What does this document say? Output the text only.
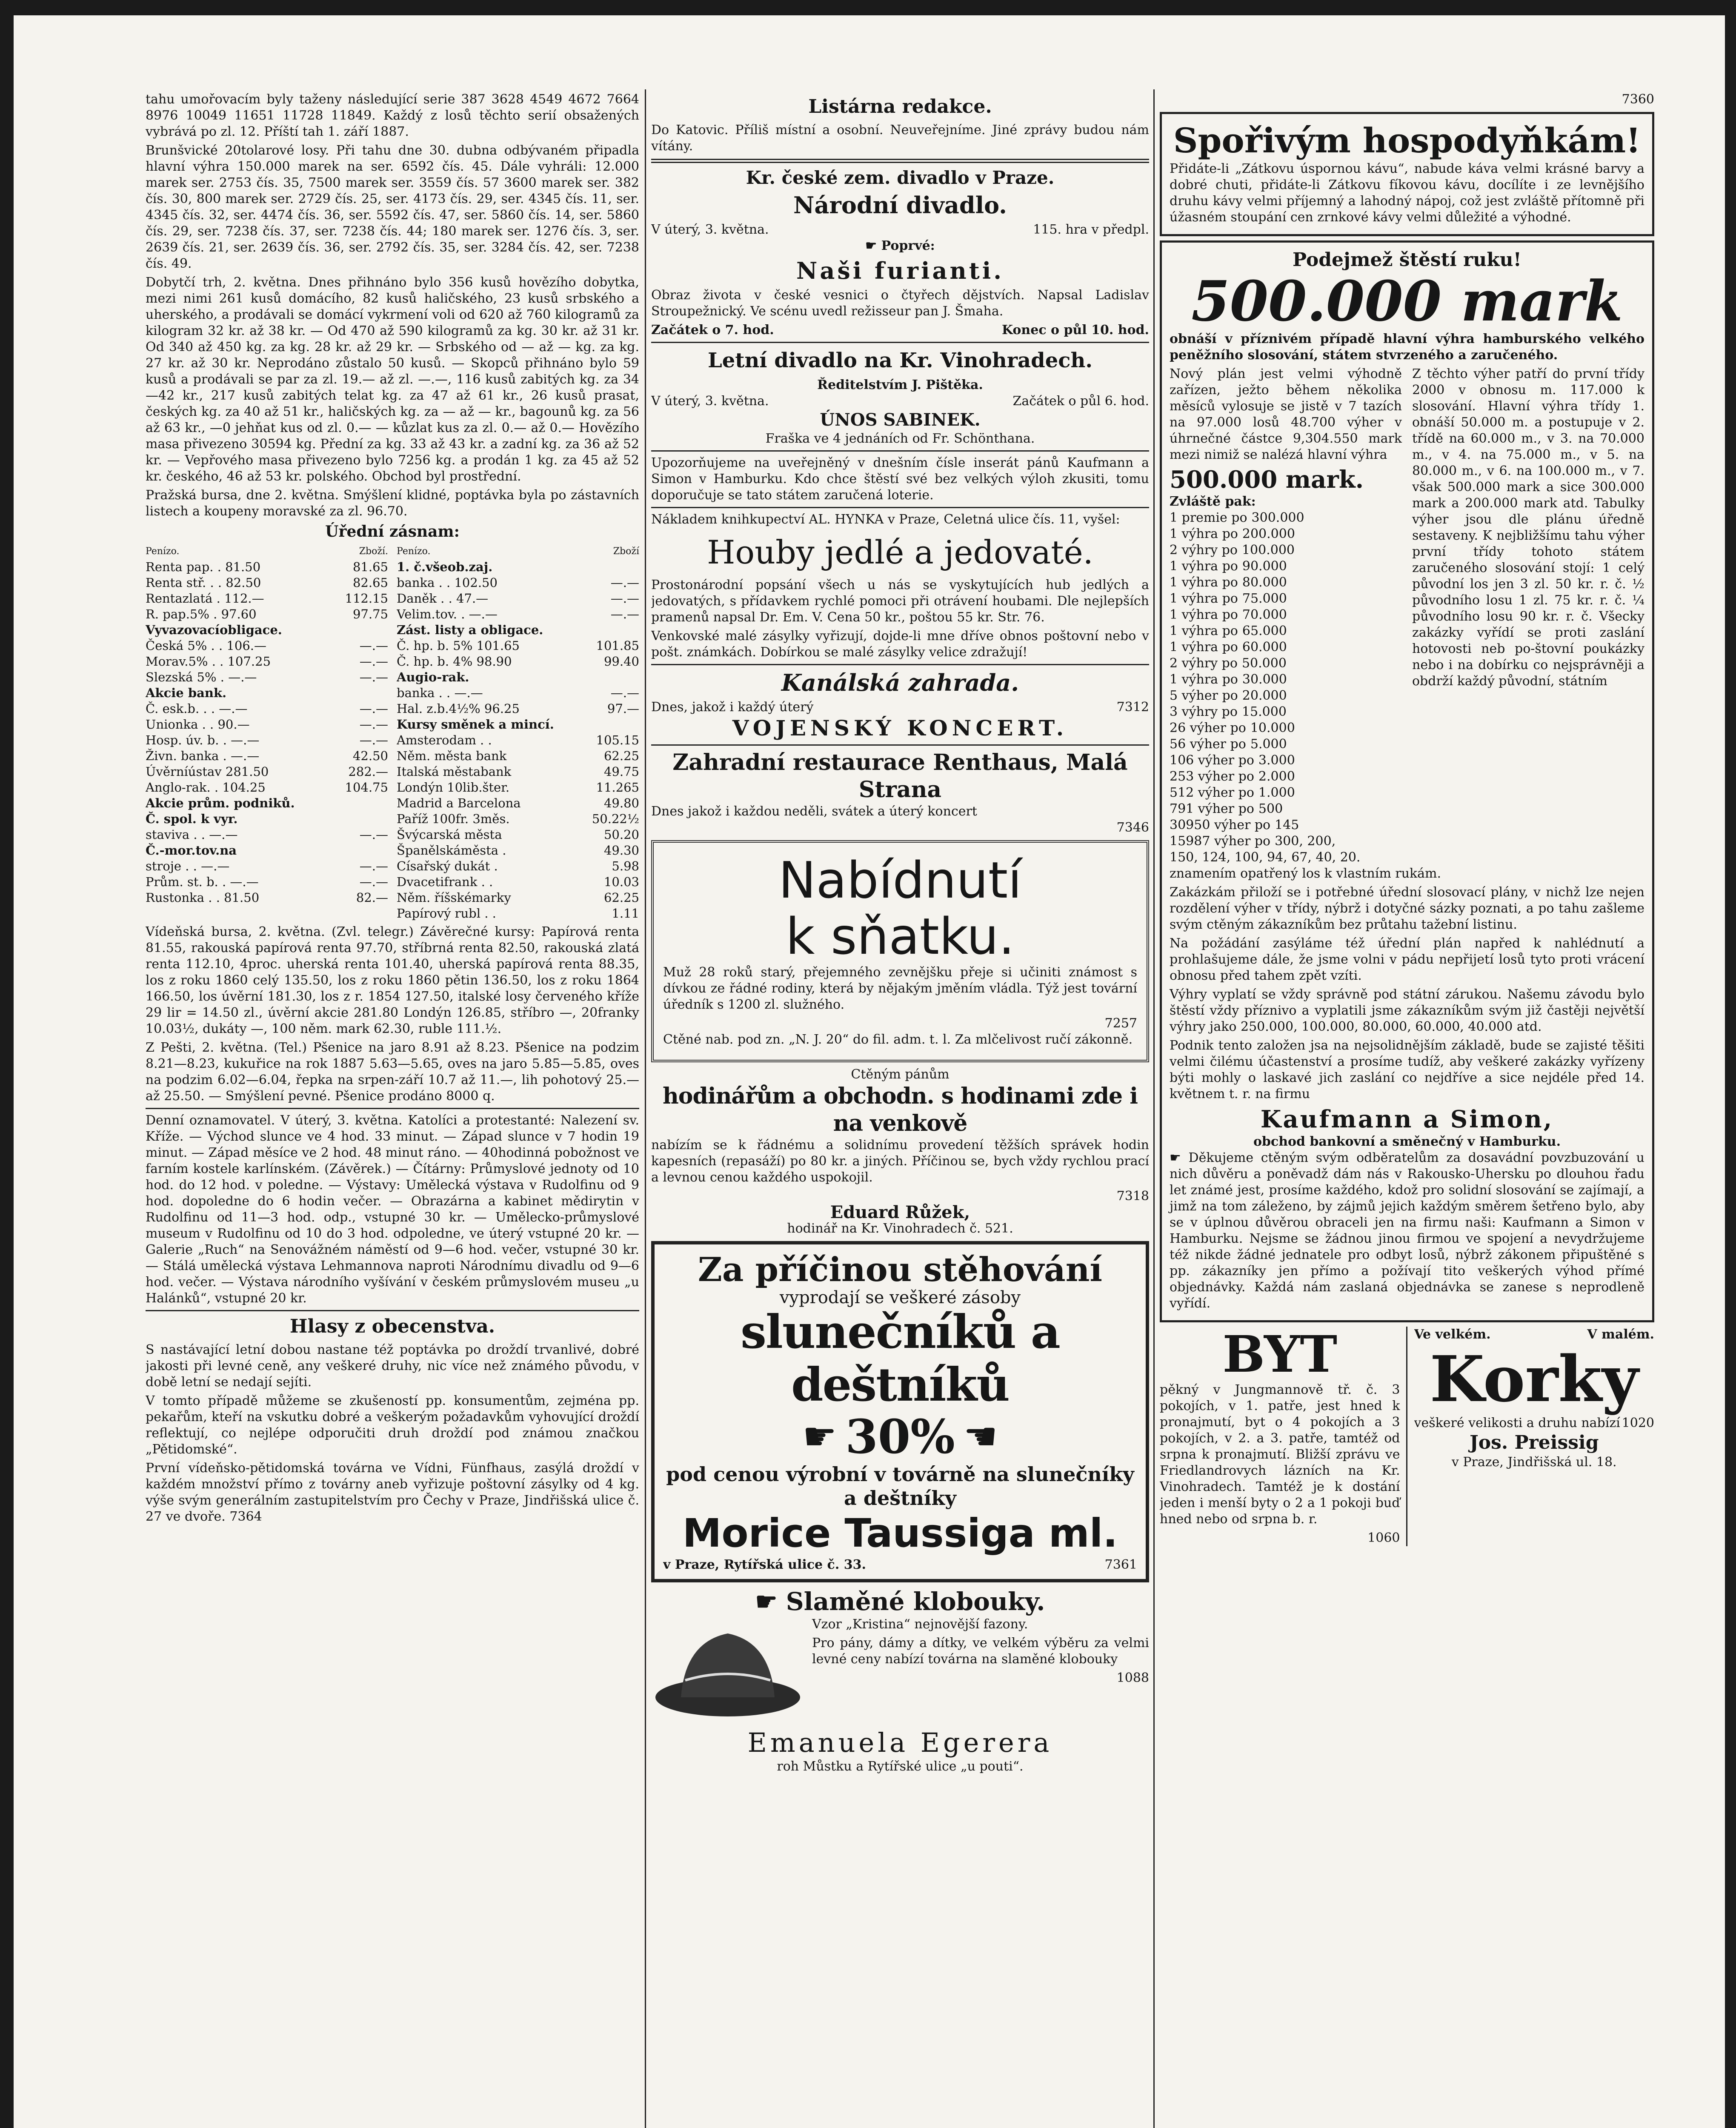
tahu umořovacím byly taženy následující serie 387 3628 4549 4672 7664 8976 10049 11651 11728 11849. Každý z losů těchto serií obsažených vybrává po zl. 12. Příští tah 1. září 1887.

Brunšvické 20tolarové losy. Při tahu dne 30. dubna odbývaném připadla hlavní výhra 150.000 marek na ser. 6592 čís. 45. Dále vyhráli: 12.000 marek ser. 2753 čís. 35, 7500 marek ser. 3559 čís. 57 3600 marek ser. 382 čís. 30, 800 marek ser. 2729 čís. 25, ser. 4173 čís. 29, ser. 4345 čís. 11, ser. 4345 čís. 32, ser. 4474 čís. 36, ser. 5592 čís. 47, ser. 5860 čís. 14, ser. 5860 čís. 29, ser. 7238 čís. 37, ser. 7238 čís. 44; 180 marek ser. 1276 čís. 3, ser. 2639 čís. 21, ser. 2639 čís. 36, ser. 2792 čís. 35, ser. 3284 čís. 42, ser. 7238 čís. 49.

Dobytčí trh, 2. května. Dnes přihnáno bylo 356 kusů hovězího dobytka, mezi nimi 261 kusů domácího, 82 kusů haličského, 23 kusů srbského a uherského, a prodávali se domácí vykrmení voli od 620 až 760 kilogramů za kilogram 32 kr. až 38 kr. — Od 470 až 590 kilogramů za kg. 30 kr. až 31 kr. Od 340 až 450 kg. za kg. 28 kr. až 29 kr. — Srbského od — až — kg. za kg. 27 kr. až 30 kr. Neprodáno zůstalo 50 kusů. — Skopců přihnáno bylo 59 kusů a prodávali se par za zl. 19.— až zl. —.—, 116 kusů zabitých kg. za 34—42 kr., 217 kusů zabitých telat kg. za 47 až 61 kr., 26 kusů prasat, českých kg. za 40 až 51 kr., haličských kg. za — až — kr., bagounů kg. za 56 až 63 kr., —0 jehňat kus od zl. 0.— — kůzlat kus za zl. 0.— až 0.— Hovězího masa přivezeno 30594 kg. Přední za kg. 33 až 43 kr. a zadní kg. za 36 až 52 kr. — Vepřového masa přivezeno bylo 7256 kg. a prodán 1 kg. za 45 až 52 kr. českého, 46 až 53 kr. polského. Obchod byl prostřední.

Pražská bursa, dne 2. května. Smýšlení klidné, poptávka byla po zástavních listech a koupeny moravské za zl. 96.70.

Úřední zásnam:
Penízo.	Zboží. Penízo.	Zboží
Renta pap. . 81.50	81.65
Renta stř. . . 82.50	82.65
Rentazlatá . 112.—	112.15
R. pap.5% . 97.60	97.75
Vyvazovacíobligace.
Česká 5% . . 106.—	—.—
Morav.5% . . 107.25	—.—
Slezská 5% . —.—	—.—
Akcie bank.
Č. esk.b. . . —.—	—.—
Unionka . . 90.—	—.—
Hosp. úv. b. . —.—	—.—
Živn. banka . —.—	42.50
Úvěrníústav 281.50	282.—
Anglo-rak. . 104.25	104.75
Akcie prům. podniků.
Č. spol. k vyr.
staviva . . —.—	—.—
Č.-mor.tov.na
stroje . . —.—	—.—
Prům. st. b. . —.—	—.—
Rustonka . . 81.50	82.—
1. č.všeob.zaj.
banka . . 102.50	—.—
Daněk . . 47.—	—.—
Velim.tov. . —.—	—.—
Zást. listy a obligace.
Č. hp. b. 5% 101.65	101.85
Č. hp. b. 4% 98.90	99.40
Augio-rak.
banka . . —.—	—.—
Hal. z.b.4½% 96.25	97.—
Kursy směnek a mincí.
Amsterodam . .	105.15
Něm. města bank	62.25
Italská městabank	49.75
Londýn 10lib.šter.	11.265
Madrid a Barcelona	49.80
Paříž 100fr. 3měs.	50.22½
Švýcarská města	50.20
Španělskáměsta .	49.30
Císařský dukát .	5.98
Dvacetifrank . .	10.03
Něm. říšskémarky	62.25
Papírový rubl . .	1.11

Vídeňská bursa, 2. května. (Zvl. telegr.) Závěrečné kursy: Papírová renta 81.55, rakouská papírová renta 97.70, stříbrná renta 82.50, rakouská zlatá renta 112.10, 4proc. uherská renta 101.40, uherská papírová renta 88.35, los z roku 1860 celý 135.50, los z roku 1860 pětin 136.50, los z roku 1864 166.50, los úvěrní 181.30, los z r. 1854 127.50, italské losy červeného kříže 29 lir = 14.50 zl., úvěrní akcie 281.80 Londýn 126.85, stříbro —, 20franky 10.03½, dukáty —, 100 něm. mark 62.30, ruble 111.½.

Z Pešti, 2. května. (Tel.) Pšenice na jaro 8.91 až 8.23. Pšenice na podzim 8.21—8.23, kukuřice na rok 1887 5.63—5.65, oves na jaro 5.85—5.85, oves na podzim 6.02—6.04, řepka na srpen-září 10.7 až 11.—, lih pohotový 25.— až 25.50. — Smýšlení pevné. Pšenice prodáno 8000 q.

Denní oznamovatel. V úterý, 3. května. Katolíci a protestanté: Nalezení sv. Kříže. — Východ slunce ve 4 hod. 33 minut. — Západ slunce v 7 hodin 19 minut. — Západ měsíce ve 2 hod. 48 minut ráno. — 40hodinná pobožnost ve farním kostele karlínském. (Závěrek.) — Čítárny: Průmyslové jednoty od 10 hod. do 12 hod. v poledne. — Výstavy: Umělecká výstava v Rudolfinu od 9 hod. dopoledne do 6 hodin večer. — Obrazárna a kabinet mědirytin v Rudolfinu od 11—3 hod. odp., vstupné 30 kr. — Umělecko-průmyslové museum v Rudolfinu od 10 do 3 hod. odpoledne, ve úterý vstupné 20 kr. — Galerie „Ruch“ na Senovážném náměstí od 9—6 hod. večer, vstupné 30 kr. — Stálá umělecká výstava Lehmannova naproti Národnímu divadlu od 9—6 hod. večer. — Výstava národního vyšívání v českém průmyslovém museu „u Halánků“, vstupné 20 kr.

Hlasy z obecenstva.

S nastávající letní dobou nastane též poptávka po droždí trvanlivé, dobré jakosti při levné ceně, any veškeré druhy, nic více než známého původu, v době letní se nedají sejíti.

V tomto případě můžeme se zkušeností pp. konsumentům, zejména pp. pekařům, kteří na vskutku dobré a veškerým požadavkům vyhovující droždí reflektují, co nejlépe odporučiti druh droždí pod známou značkou „Pětidomské“.

První vídeňsko-pětidomská továrna ve Vídni, Fünfhaus, zasýlá droždí v každém množství přímo z továrny aneb vyřizuje poštovní zásylky od 4 kg. výše svým generálním zastupitelstvím pro Čechy v Praze, Jindřišská ulice č. 27 ve dvoře. 7364

Listárna redakce.

Do Katovic. Příliš místní a osobní. Neuveřejníme. Jiné zprávy budou nám vítány.

Kr. české zem. divadlo v Praze.
Národní divadlo.
V úterý, 3. května.	115. hra v předpl.
☛ Poprvé:
Naši furianti.

Obraz života v české vesnici o čtyřech dějstvích. Napsal Ladislav Stroupežnický. Ve scénu uvedl režisseur pan J. Šmaha.

Začátek o 7. hod.	Konec o půl 10. hod.
Letní divadlo na Kr. Vinohradech.
Ředitelstvím J. Pištěka.
V úterý, 3. května.	Začátek o půl 6. hod.
ÚNOS SABINEK.
Fraška ve 4 jednáních od Fr. Schönthana.

Upozorňujeme na uveřejněný v dnešním čísle inserát pánů Kaufmann a Simon v Hamburku. Kdo chce štěstí své bez velkých výloh zkusiti, tomu doporučuje se tato státem zaručená loterie.

Nákladem knihkupectví AL. HYNKA v Praze, Celetná ulice čís. 11, vyšel:

Houby jedlé a jedovaté.

Prostonárodní popsání všech u nás se vyskytujících hub jedlých a jedovatých, s přídavkem rychlé pomoci při otrávení houbami. Dle nejlepších pramenů napsal Dr. Em. V. Cena 50 kr., poštou 55 kr. Str. 76.

Venkovské malé zásylky vyřizují, dojde-li mne dříve obnos poštovní nebo v pošt. známkách. Dobírkou se malé zásylky velice zdražují!

Kanálská zahrada.
Dnes, jakož i každý úterý	7312
VOJENSKÝ KONCERT.
Zahradní restaurace Renthaus, Malá Strana
Dnes jakož i každou neděli, svátek a úterý koncert
7346
Nabídnutí
k sňatku.

Muž 28 roků starý, přejemného zevnějšku přeje si učiniti známost s dívkou ze řádné rodiny, která by nějakým jměním vládla. Týž jest tovární úředník s 1200 zl. služného.

7257

Ctěné nab. pod zn. „N. J. 20“ do fil. adm. t. l. Za mlčelivost ručí zákonně.

Ctěným pánům
hodinářům a obchodn. s hodinami zde i na venkově

nabízím se k řádnému a solidnímu provedení těžších správek hodin kapesních (repasáží) po 80 kr. a jiných. Příčinou se, bych vždy rychlou prací a levnou cenou každého uspokojil.

7318
Eduard Růžek,
hodinář na Kr. Vinohradech č. 521.
Za příčinou stěhování
vyprodají se veškeré zásoby
slunečníků a deštníků
☛ 30% ☚
pod cenou výrobní v továrně na slunečníky a deštníky
Morice Taussiga ml.
v Praze, Rytířská ulice č. 33.	7361
☛ Slaměné klobouky.

Vzor „Kristina“ nejnovější fazony.

Pro pány, dámy a dítky, ve velkém výběru za velmi levné ceny nabízí továrna na slaměné klobouky

1088
Emanuela Egerera
roh Můstku a Rytířské ulice „u pouti“.
7360
Spořivým hospodyňkám!

Přidáte-li „Zátkovu úspornou kávu“, nabude káva velmi krásné barvy a dobré chuti, přidáte-li Zátkovu fíkovou kávu, docílíte i ze levnějšího druhu kávy velmi příjemný a lahodný nápoj, což jest zvláště přítomně při úžasném stoupání cen zrnkové kávy velmi důležité a výhodné.

Podejmež štěstí ruku!
500.000 mark

obnáší v příznivém případě hlavní výhra hamburského velkého peněžního slosování, státem stvrzeného a zaručeného.

Nový plán jest velmi výhodně zařízen, ježto během několika měsíců vylosuje se jistě v 7 tazích na 97.000 losů 48.700 výher v úhrnečné částce 9,304.550 mark mezi nimiž se nalézá hlavní výhra

500.000 mark.
Zvláště pak:
1 premie po 300.000
1 výhra po 200.000
2 výhry po 100.000
1 výhra po 90.000
1 výhra po 80.000
1 výhra po 75.000
1 výhra po 70.000
1 výhra po 65.000
1 výhra po 60.000
2 výhry po 50.000
1 výhra po 30.000
5 výher po 20.000
3 výhry po 15.000
26 výher po 10.000
56 výher po 5.000
106 výher po 3.000
253 výher po 2.000
512 výher po 1.000
791 výher po 500
30950 výher po 145
15987 výher po 300, 200,
150, 124, 100, 94, 67, 40, 20.

Z těchto výher patří do první třídy 2000 v obnosu m. 117.000 k slosování. Hlavní výhra třídy 1. obnáší 50.000 m. a postupuje v 2. třídě na 60.000 m., v 3. na 70.000 m., v 4. na 75.000 m., v 5. na 80.000 m., v 6. na 100.000 m., v 7. však 500.000 mark a sice 300.000 mark a 200.000 mark atd. Tabulky výher jsou dle plánu úředně sestaveny. K nejbližšímu tahu výher první třídy tohoto státem zaručeného slosování stojí: 1 celý původní los jen 3 zl. 50 kr. r. č. ½ původního losu 1 zl. 75 kr. r. č. ¼ původního losu 90 kr. r. č. Všecky zakázky vyřídí se proti zaslání hotovosti neb po-štovní poukázky nebo i na dobírku co nejsprávněji a obdrží každý původní, státním

znamením opatřený los k vlastním rukám.

Zakázkám přiloží se i potřebné úřední slosovací plány, v nichž lze nejen rozdělení výher v třídy, nýbrž i dotyčné sázky poznati, a po tahu zašleme svým ctěným zákazníkům bez průtahu tažební listinu.

Na požádání zasýláme též úřední plán napřed k nahlédnutí a prohlašujeme dále, že jsme volni v pádu nepřijetí losů tyto proti vrácení obnosu před tahem zpět vzíti.

Výhry vyplatí se vždy správně pod státní zárukou. Našemu závodu bylo štěstí vždy příznivo a vyplatili jsme zákazníkům svým již častěji největší výhry jako 250.000, 100.000, 80.000, 60.000, 40.000 atd.

Podnik tento založen jsa na nejsolidnějším základě, bude se zajisté těšiti velmi čilému účastenství a prosíme tudíž, aby veškeré zakázky vyřízeny býti mohly o laskavé jich zaslání co nejdříve a sice nejdéle před 14. květnem t. r. na firmu

Kaufmann a Simon,
obchod bankovní a směnečný v Hamburku.

☛ Děkujeme ctěným svým odběratelům za dosavádní povzbuzování u nich důvěru a poněvadž dám nás v Rakousko-Uhersku po dlouhou řadu let známé jest, prosíme každého, kdož pro solidní slosování se zajímají, a jimž na tom záleženo, by zájmů jejich každým směrem šetřeno bylo, aby se v úplnou důvěrou obraceli jen na firmu naši: Kaufmann a Simon v Hamburku. Nejsme se žádnou jinou firmou ve spojení a nevydržujeme též nikde žádné jednatele pro odbyt losů, nýbrž zákonem připuštěné s pp. zákazníky jen přímo a požívají tito veškerých výhod přímé objednávky. Každá nám zaslaná objednávka se zanese s neprodleně vyřídí.

BYT

pěkný v Jungmannově tř. č. 3 pokojích, v 1. patře, jest hned k pronajmutí, byt o 4 pokojích a 3 pokojích, v 2. a 3. patře, tamtéž od srpna k pronajmutí. Bližší zprávu ve Friedlandrovych lázních na Kr. Vinohradech. Tamtéž je k dostání jeden i menší byty o 2 a 1 pokoji buď hned nebo od srpna b. r.

1060
Ve velkém.	V malém.
Korky
veškeré velikosti a druhu nabízí 1020
Jos. Preissig
v Praze, Jindřišská ul. 18.
